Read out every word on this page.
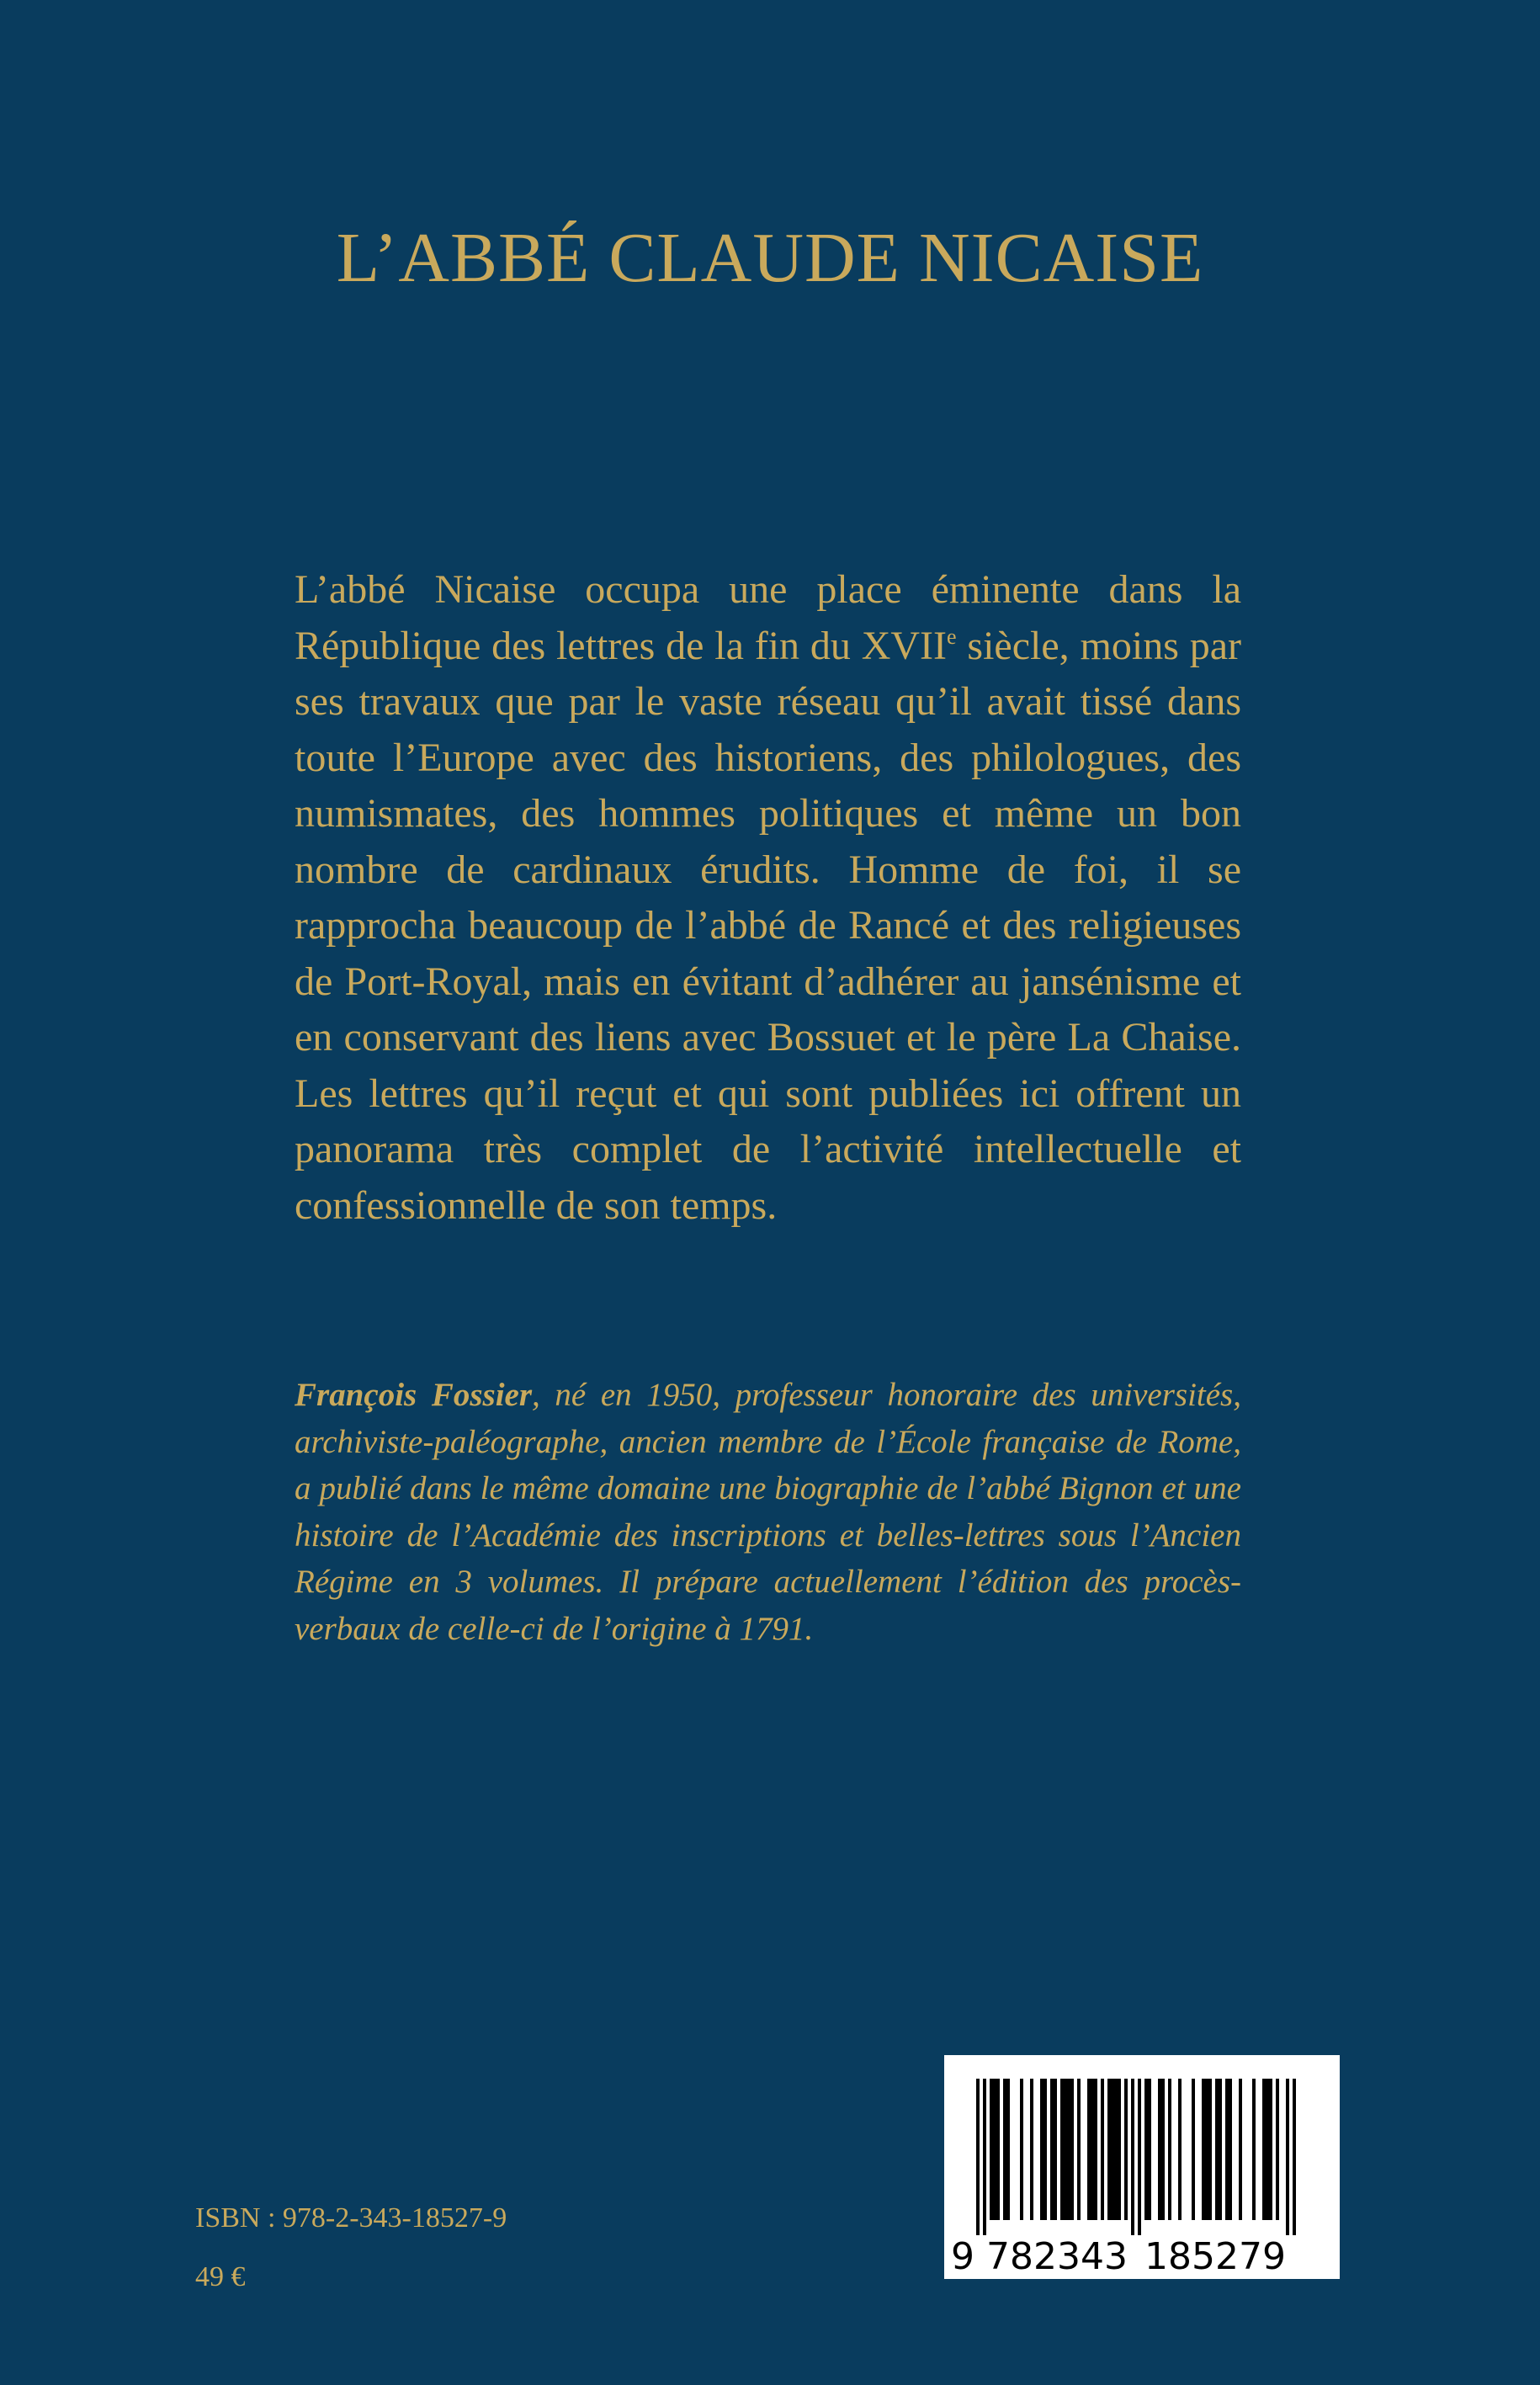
L’ABBÉ CLAUDE NICAISE

L’abbé Nicaise occupa une place éminente dans la République des lettres de la fin du XVIIe siècle, moins par ses travaux que par le vaste réseau qu’il avait tissé dans toute l’Europe avec des historiens, des philologues, des numismates, des hommes politiques et même un bon nombre de cardinaux érudits. Homme de foi, il se rapprocha beaucoup de l’abbé de Rancé et des religieuses de Port-Royal, mais en évitant d’adhérer au jansénisme et en conservant des liens avec Bossuet et le père La Chaise. Les lettres qu’il reçut et qui sont publiées ici offrent un panorama très complet de l’activité intellectuelle et confessionnelle de son temps.

François Fossier, né en 1950, professeur honoraire des universités, archiviste-paléographe, ancien membre de l’École française de Rome, a publié dans le même domaine une biographie de l’abbé Bignon et une histoire de l’Académie des inscriptions et belles-lettres sous l’Ancien Régime en 3 volumes. Il prépare actuellement l’édition des procès-verbaux de celle-ci de l’origine à 1791.

ISBN : 978-2-343-18527-9
49 €	9 7	1
8	8
2	5
3	2
4	7
3	9
